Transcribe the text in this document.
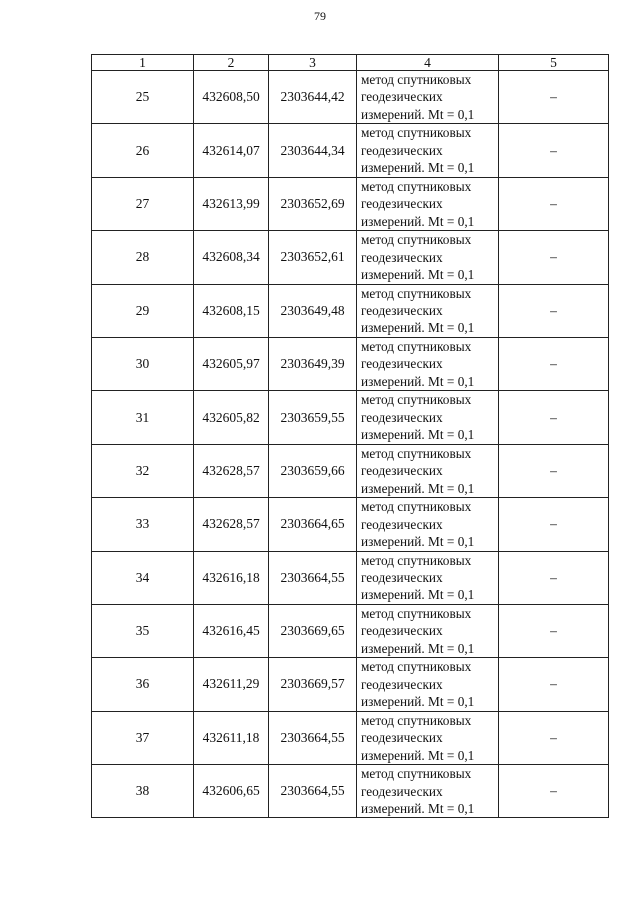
79
1	2	3	4	5
25	432608,50	2303644,42	метод спутниковых
геодезических
измерений. Mt = 0,1	–
26	432614,07	2303644,34	метод спутниковых
геодезических
измерений. Mt = 0,1	–
27	432613,99	2303652,69	метод спутниковых
геодезических
измерений. Mt = 0,1	–
28	432608,34	2303652,61	метод спутниковых
геодезических
измерений. Mt = 0,1	–
29	432608,15	2303649,48	метод спутниковых
геодезических
измерений. Mt = 0,1	–
30	432605,97	2303649,39	метод спутниковых
геодезических
измерений. Mt = 0,1	–
31	432605,82	2303659,55	метод спутниковых
геодезических
измерений. Mt = 0,1	–
32	432628,57	2303659,66	метод спутниковых
геодезических
измерений. Mt = 0,1	–
33	432628,57	2303664,65	метод спутниковых
геодезических
измерений. Mt = 0,1	–
34	432616,18	2303664,55	метод спутниковых
геодезических
измерений. Mt = 0,1	–
35	432616,45	2303669,65	метод спутниковых
геодезических
измерений. Mt = 0,1	–
36	432611,29	2303669,57	метод спутниковых
геодезических
измерений. Mt = 0,1	–
37	432611,18	2303664,55	метод спутниковых
геодезических
измерений. Mt = 0,1	–
38	432606,65	2303664,55	метод спутниковых
геодезических
измерений. Mt = 0,1	–
